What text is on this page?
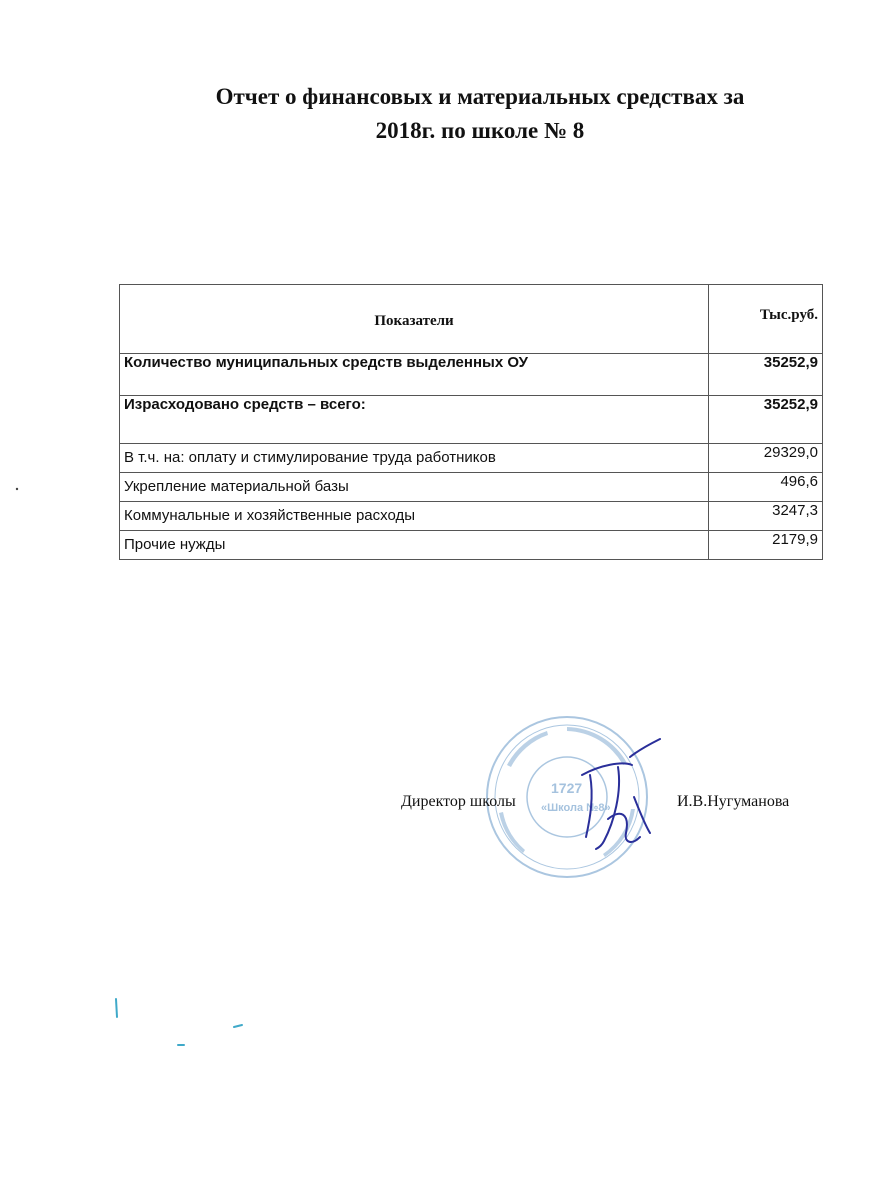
Отчет о финансовых и материальных средствах за
2018г. по школе № 8
Показатели	Тыс.руб.
Количество муниципальных средств выделенных ОУ	35252,9
Израсходовано средств – всего:	35252,9
В т.ч. на: оплату и стимулирование труда работников	29329,0
Укрепление материальной базы	496,6
Коммунальные и хозяйственные расходы	3247,3
Прочие нужды	2179,9
1727
«Школа №8»
Директор школы	И.В.Нугуманова
